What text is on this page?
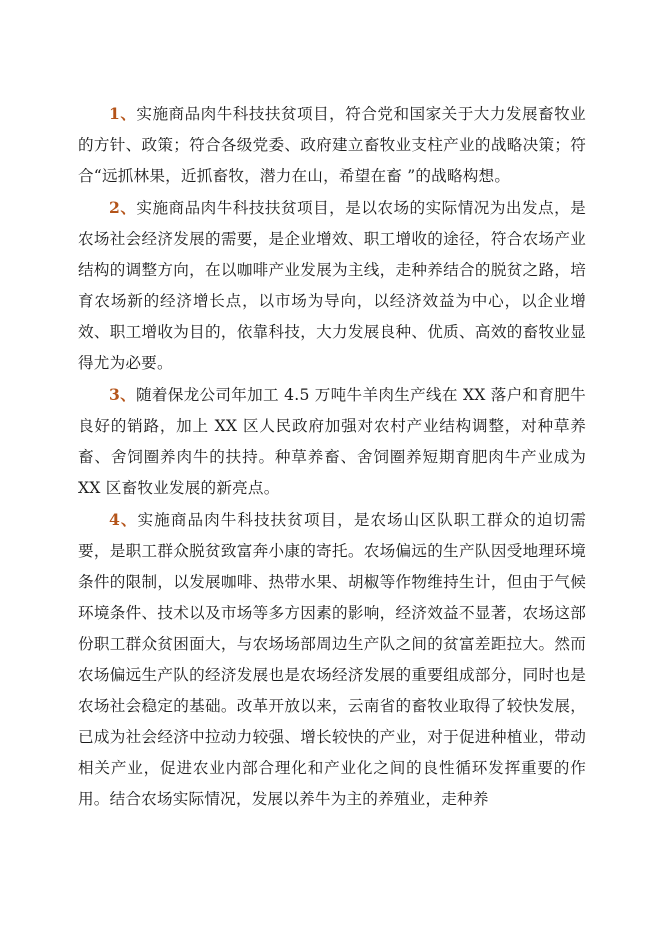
1、实施商品肉牛科技扶贫项目，符合党和国家关于大力发展畜牧业的方针、政策；符合各级党委、政府建立畜牧业支柱产业的战略决策；符合“远抓林果，近抓畜牧，潜力在山，希望在畜 ”的战略构想。

2、实施商品肉牛科技扶贫项目，是以农场的实际情况为出发点，是农场社会经济发展的需要，是企业增效、职工增收的途径，符合农场产业结构的调整方向，在以咖啡产业发展为主线，走种养结合的脱贫之路，培育农场新的经济增长点，以市场为导向，以经济效益为中心，以企业增效、职工增收为目的，依靠科技，大力发展良种、优质、高效的畜牧业显得尤为必要。

3、随着保龙公司年加工 4.5 万吨牛羊肉生产线在 XX 落户和育肥牛良好的销路，加上 XX 区人民政府加强对农村产业结构调整，对种草养畜、舍饲圈养肉牛的扶持。种草养畜、舍饲圈养短期育肥肉牛产业成为 XX 区畜牧业发展的新亮点。

4、实施商品肉牛科技扶贫项目，是农场山区队职工群众的迫切需要，是职工群众脱贫致富奔小康的寄托。农场偏远的生产队因受地理环境条件的限制，以发展咖啡、热带水果、胡椒等作物维持生计，但由于气候环境条件、技术以及市场等多方因素的影响，经济效益不显著，农场这部份职工群众贫困面大，与农场场部周边生产队之间的贫富差距拉大。然而农场偏远生产队的经济发展也是农场经济发展的重要组成部分，同时也是农场社会稳定的基础。改革开放以来，云南省的畜牧业取得了较快发展，已成为社会经济中拉动力较强、增长较快的产业，对于促进种植业，带动相关产业，促进农业内部合理化和产业化之间的良性循环发挥重要的作用。结合农场实际情况，发展以养牛为主的养殖业，走种养
